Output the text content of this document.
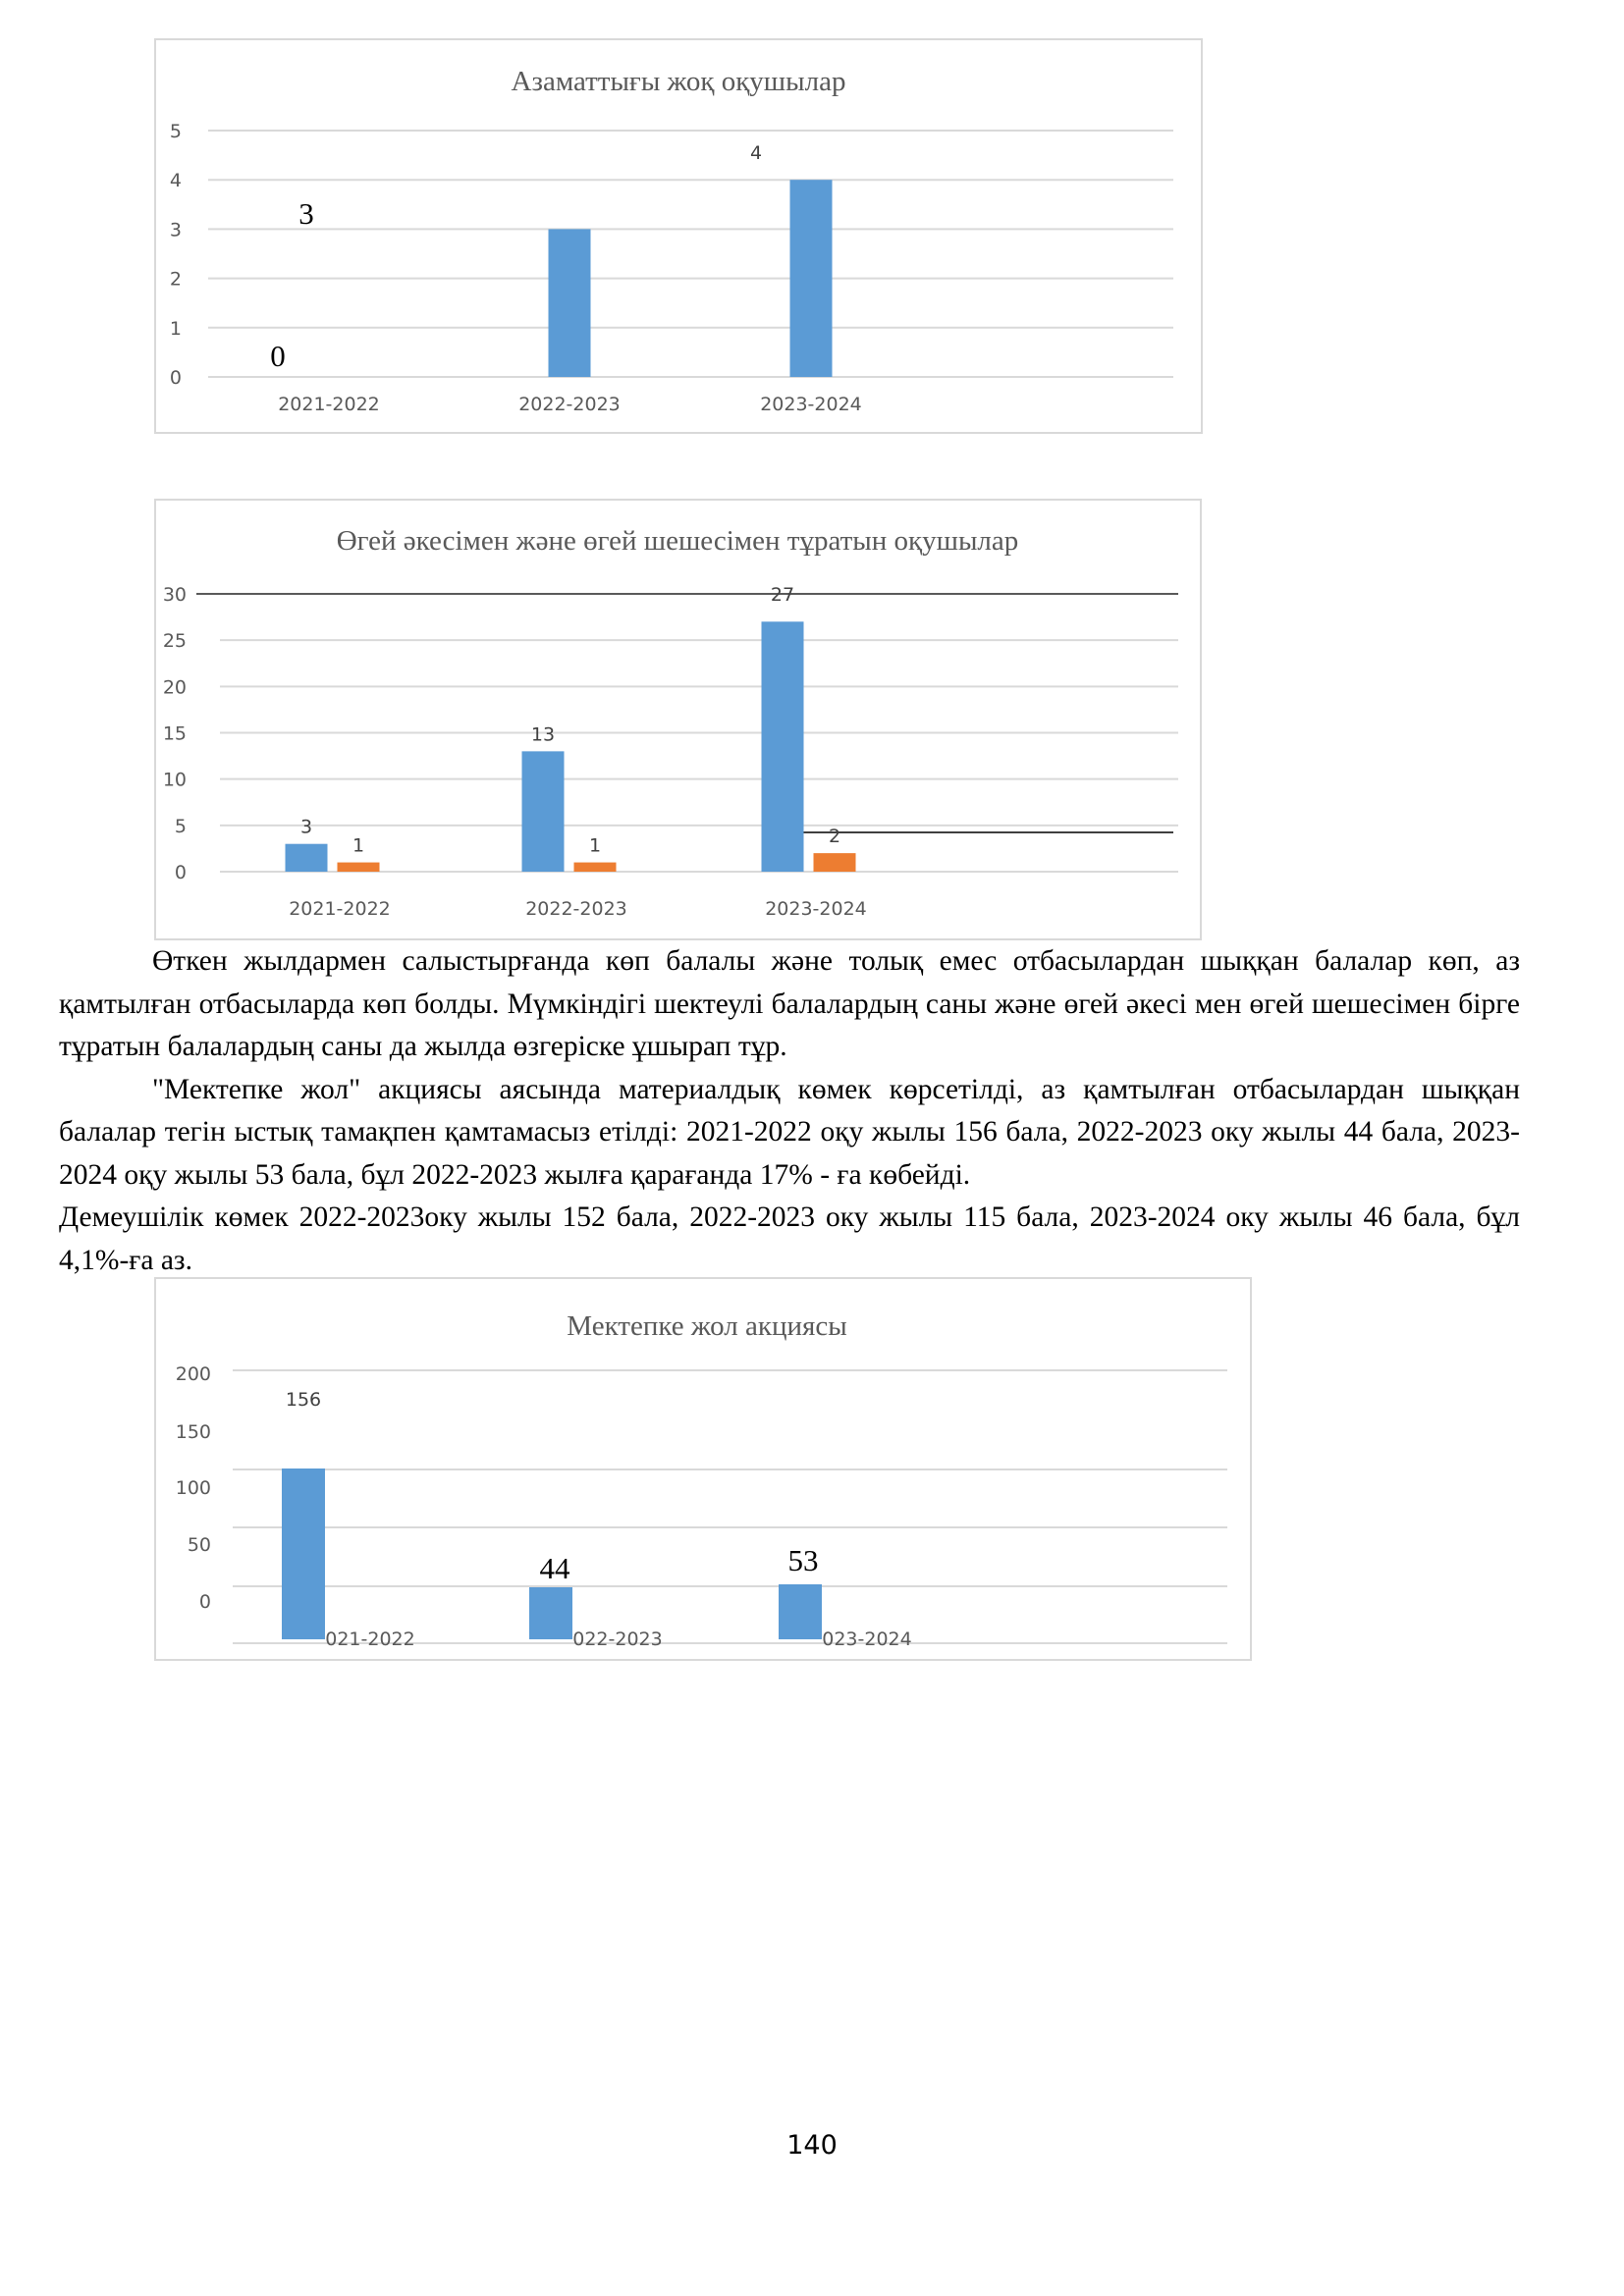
Азаматтығы жоқ оқушылар
0
1
2
3
4
5
2021-2022	2022-2023	2023-2024
4
3
0
Өгей әкесімен және өгей шешесімен тұратын оқушылар
0
5
10
15
20
25
30
3
13
27
1	1	2
2021-2022	2022-2023	2023-2024
Мектепке жол акциясы
0
50
100
150
200
021-2022	022-2023	023-2024
156
44	53

Өткен жылдармен салыстырғанда көп балалы және толық емес отбасылардан шыққан балалар көп, аз қамтылған отбасыларда көп болды. Мүмкіндігі шектеулі балалардың саны және өгей әкесі мен өгей шешесімен бірге тұратын балалардың саны да жылда өзгеріске ұшырап тұр.

"Мектепке жол" акциясы аясында материалдық көмек көрсетілді, аз қамтылған отбасылардан шыққан балалар тегін ыстық тамақпен қамтамасыз етілді: 2021-2022 оқу жылы 156 бала, 2022-2023 оку жылы 44 бала, 2023-2024 оқу жылы 53 бала, бұл 2022-2023 жылға қарағанда 17% - ға көбейді.

Демеушілік көмек 2022-2023оку жылы 152 бала, 2022-2023 оку жылы 115 бала, 2023-2024 оку жылы 46 бала, бұл 4,1%-ға аз.

140
